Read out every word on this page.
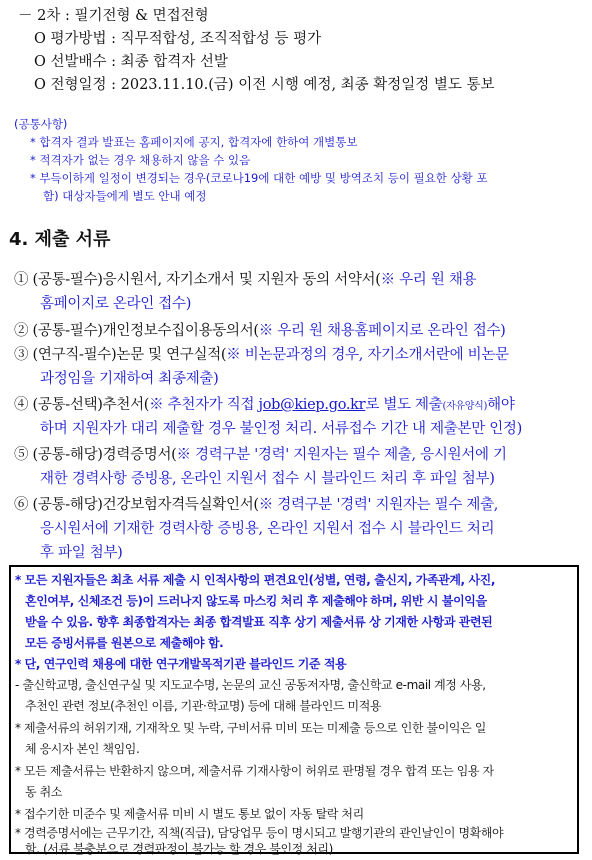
－ 2차 : 필기전형 & 면접전형
O 평가방법 : 직무적합성, 조직적합성 등 평가
O 선발배수 : 최종 합격자 선발
O 전형일정 : 2023.11.10.(금) 이전 시행 예정, 최종 확정일정 별도 통보
(공통사항)
* 합격자 결과 발표는 홈페이지에 공지, 합격자에 한하여 개별통보
* 적격자가 없는 경우 채용하지 않을 수 있음
* 부득이하게 일정이 변경되는 경우(코로나19에 대한 예방 및 방역조치 등이 필요한 상황 포
함) 대상자들에게 별도 안내 예정
4. 제출 서류
① (공통-필수)응시원서, 자기소개서 및 지원자 동의 서약서(※ 우리 원 채용
홈페이지로 온라인 접수)
② (공통-필수)개인정보수집이용동의서(※ 우리 원 채용홈페이지로 온라인 접수)
③ (연구직-필수)논문 및 연구실적(※ 비논문과정의 경우, 자기소개서란에 비논문
과정임을 기재하여 최종제출)
④ (공통-선택)추천서(※ 추천자가 직접 job@kiep.go.kr로 별도 제출(자유양식)해야
하며 지원자가 대리 제출할 경우 불인정 처리. 서류접수 기간 내 제출본만 인정)
⑤ (공통-해당)경력증명서(※ 경력구분 '경력' 지원자는 필수 제출, 응시원서에 기
재한 경력사항 증빙용, 온라인 지원서 접수 시 블라인드 처리 후 파일 첨부)
⑥ (공통-해당)건강보험자격득실확인서(※ 경력구분 '경력' 지원자는 필수 제출,
응시원서에 기재한 경력사항 증빙용, 온라인 지원서 접수 시 블라인드 처리
후 파일 첨부)
* 모든 지원자들은 최초 서류 제출 시 인적사항의 편견요인(성별, 연령, 출신지, 가족관계, 사진,
혼인여부, 신체조건 등)이 드러나지 않도록 마스킹 처리 후 제출해야 하며, 위반 시 불이익을
받을 수 있음. 향후 최종합격자는 최종 합격발표 직후 상기 제출서류 상 기재한 사항과 관련된
모든 증빙서류를 원본으로 제출해야 함.
* 단, 연구인력 채용에 대한 연구개발목적기관 블라인드 기준 적용
- 출신학교명, 출신연구실 및 지도교수명, 논문의 교신 공동저자명, 출신학교 e-mail 계정 사용,
추천인 관련 정보(추천인 이름, 기관·학교명) 등에 대해 블라인드 미적용
* 제출서류의 허위기재, 기재착오 및 누락, 구비서류 미비 또는 미제출 등으로 인한 불이익은 일
체 응시자 본인 책임임.
* 모든 제출서류는 반환하지 않으며, 제출서류 기재사항이 허위로 판명될 경우 합격 또는 임용 자
동 취소
* 접수기한 미준수 및 제출서류 미비 시 별도 통보 없이 자동 탈락 처리
* 경력증명서에는 근무기간, 직책(직급), 담당업무 등이 명시되고 발행기관의 관인날인이 명확해야
함. (서류 불충분으로 경력판정이 불가능 할 경우 불인정 처리)
